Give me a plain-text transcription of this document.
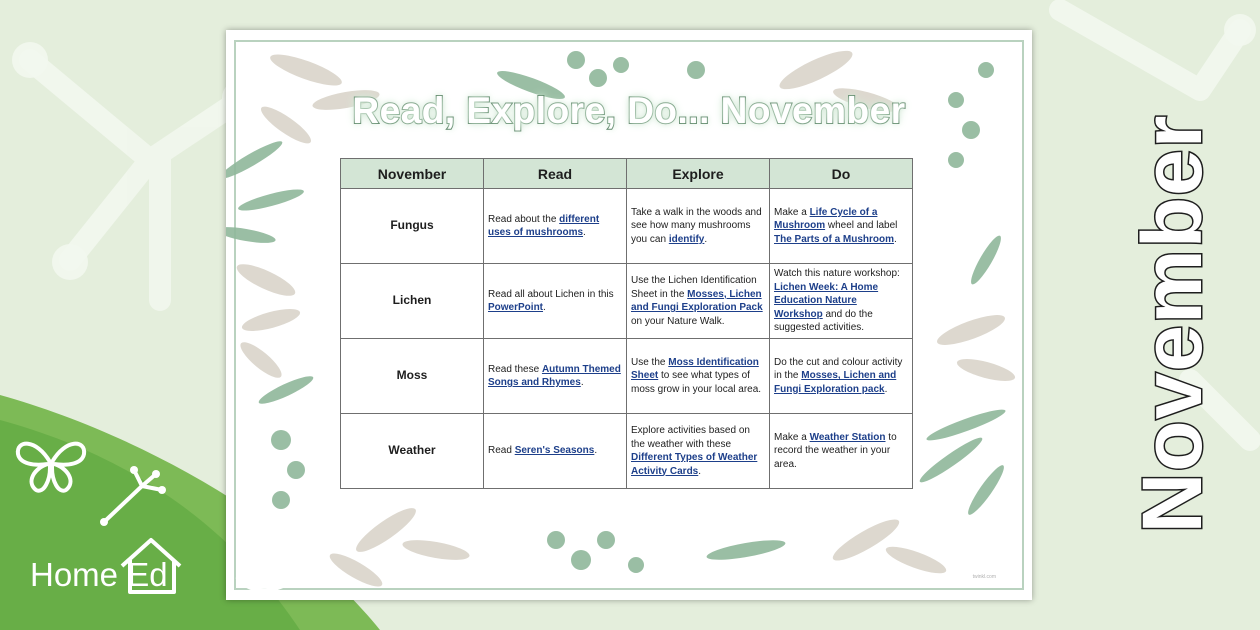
Read, Explore, Do... November
November	Read	Explore	Do
Fungus	Read about the different uses of mushrooms.	Take a walk in the woods and see how many mushrooms you can identify.	Make a Life Cycle of a Mushroom wheel and label The Parts of a Mushroom.
Lichen	Read all about Lichen in this PowerPoint.	Use the Lichen Identification Sheet in the Mosses, Lichen and Fungi Exploration Pack on your Nature Walk.	Watch this nature workshop: Lichen Week: A Home Education Nature Workshop and do the suggested activities.
Moss	Read these Autumn Themed Songs and Rhymes.	Use the Moss Identification Sheet to see what types of moss grow in your local area.	Do the cut and colour activity in the Mosses, Lichen and Fungi Exploration pack.
Weather	Read Seren's Seasons.	Explore activities based on the weather with these Different Types of Weather Activity Cards.	Make a Weather Station to record the weather in your area.
twinkl.com
November
Home Ed
